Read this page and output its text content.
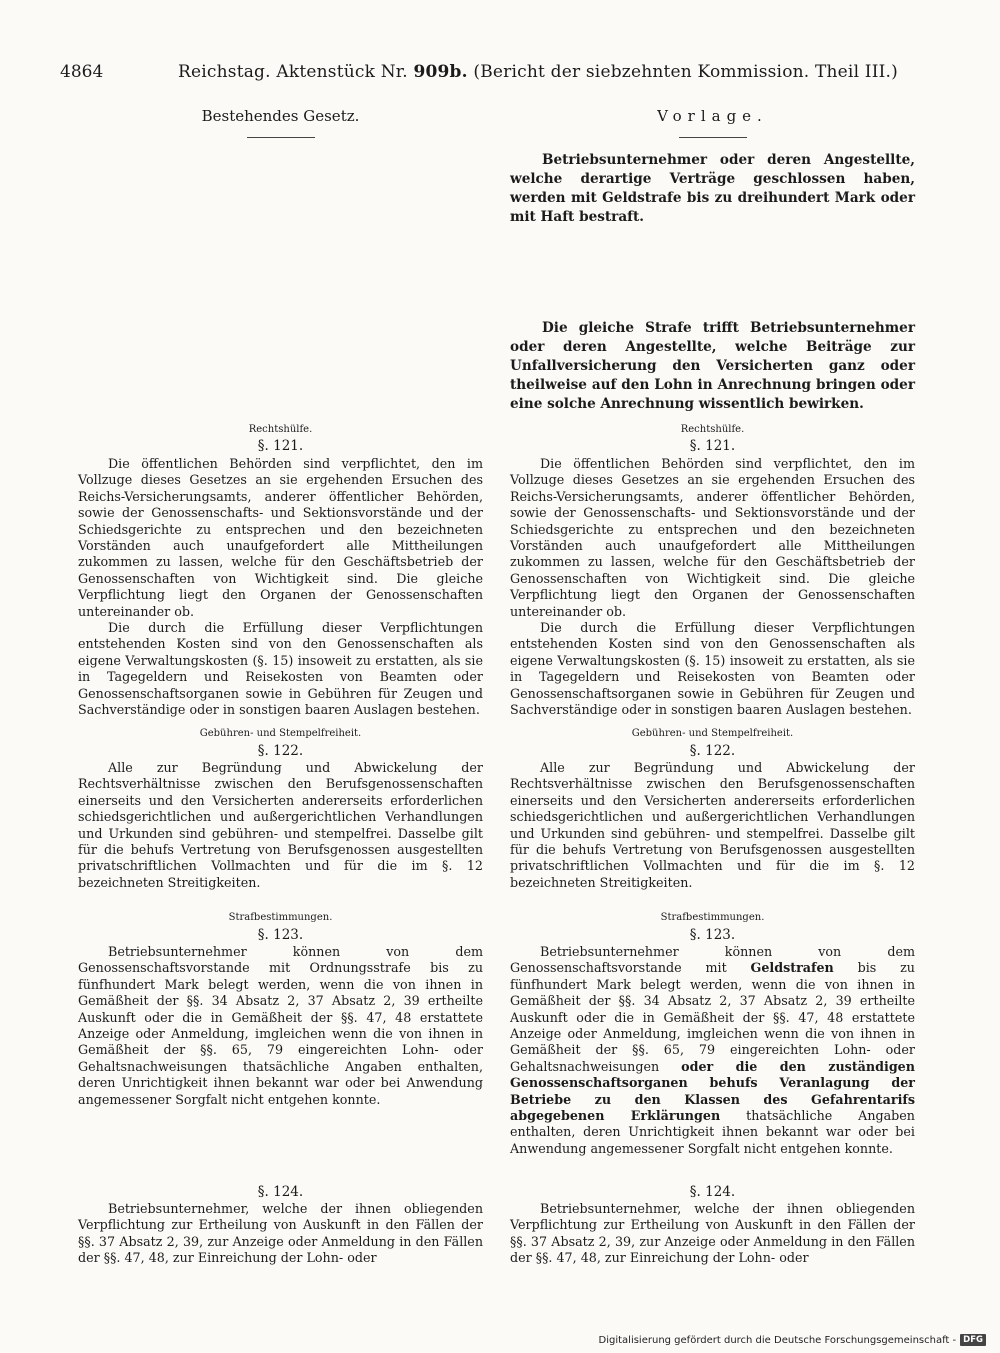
4864	Reichstag. Aktenstück Nr. 909b. (Bericht der siebzehnten Kommission. Theil III.)
Bestehendes Gesetz.
Rechtshülfe.
§. 121.

Die öffentlichen Behörden sind verpflichtet, den im Vollzuge dieses Gesetzes an sie ergehenden Ersuchen des Reichs-Versicherungsamts, anderer öffentlicher Behörden, sowie der Genossenschafts- und Sektionsvorstände und der Schiedsgerichte zu entsprechen und den bezeichneten Vorständen auch unaufgefordert alle Mittheilungen zukommen zu lassen, welche für den Geschäftsbetrieb der Genossenschaften von Wichtigkeit sind. Die gleiche Verpflichtung liegt den Organen der Genossenschaften untereinander ob.

Die durch die Erfüllung dieser Verpflichtungen entstehenden Kosten sind von den Genossenschaften als eigene Verwaltungskosten (§. 15) insoweit zu erstatten, als sie in Tagegeldern und Reisekosten von Beamten oder Genossenschaftsorganen sowie in Gebühren für Zeugen und Sachverständige oder in sonstigen baaren Auslagen bestehen.

Gebühren- und Stempelfreiheit.
§. 122.

Alle zur Begründung und Abwickelung der Rechtsverhältnisse zwischen den Berufsgenossenschaften einerseits und den Versicherten andererseits erforderlichen schiedsgerichtlichen und außergerichtlichen Verhandlungen und Urkunden sind gebühren- und stempelfrei. Dasselbe gilt für die behufs Vertretung von Berufsgenossen ausgestellten privatschriftlichen Vollmachten und für die im §. 12 bezeichneten Streitigkeiten.

Strafbestimmungen.
§. 123.

Betriebsunternehmer können von dem Genossenschaftsvorstande mit Ordnungsstrafe bis zu fünfhundert Mark belegt werden, wenn die von ihnen in Gemäßheit der §§. 34 Absatz 2, 37 Absatz 2, 39 ertheilte Auskunft oder die in Gemäßheit der §§. 47, 48 erstattete Anzeige oder Anmeldung, imgleichen wenn die von ihnen in Gemäßheit der §§. 65, 79 eingereichten Lohn- oder Gehaltsnachweisungen thatsächliche Angaben enthalten, deren Unrichtigkeit ihnen bekannt war oder bei Anwendung angemessener Sorgfalt nicht entgehen konnte.

§. 124.

Betriebsunternehmer, welche der ihnen obliegenden Verpflichtung zur Ertheilung von Auskunft in den Fällen der §§. 37 Absatz 2, 39, zur Anzeige oder Anmeldung in den Fällen der §§. 47, 48, zur Einreichung der Lohn- oder

Vorlage.
Betriebsunternehmer oder deren Angestellte, welche derartige Verträge geschlossen haben, werden mit Geldstrafe bis zu dreihundert Mark oder mit Haft bestraft.
Die gleiche Strafe trifft Betriebsunternehmer oder deren Angestellte, welche Beiträge zur Unfallversicherung den Versicherten ganz oder theilweise auf den Lohn in Anrechnung bringen oder eine solche Anrechnung wissentlich bewirken.
Rechtshülfe.
§. 121.

Die öffentlichen Behörden sind verpflichtet, den im Vollzuge dieses Gesetzes an sie ergehenden Ersuchen des Reichs-Versicherungsamts, anderer öffentlicher Behörden, sowie der Genossenschafts- und Sektionsvorstände und der Schiedsgerichte zu entsprechen und den bezeichneten Vorständen auch unaufgefordert alle Mittheilungen zukommen zu lassen, welche für den Geschäftsbetrieb der Genossenschaften von Wichtigkeit sind. Die gleiche Verpflichtung liegt den Organen der Genossenschaften untereinander ob.

Die durch die Erfüllung dieser Verpflichtungen entstehenden Kosten sind von den Genossenschaften als eigene Verwaltungskosten (§. 15) insoweit zu erstatten, als sie in Tagegeldern und Reisekosten von Beamten oder Genossenschaftsorganen sowie in Gebühren für Zeugen und Sachverständige oder in sonstigen baaren Auslagen bestehen.

Gebühren- und Stempelfreiheit.
§. 122.

Alle zur Begründung und Abwickelung der Rechtsverhältnisse zwischen den Berufsgenossenschaften einerseits und den Versicherten andererseits erforderlichen schiedsgerichtlichen und außergerichtlichen Verhandlungen und Urkunden sind gebühren- und stempelfrei. Dasselbe gilt für die behufs Vertretung von Berufsgenossen ausgestellten privatschriftlichen Vollmachten und für die im §. 12 bezeichneten Streitigkeiten.

Strafbestimmungen.
§. 123.

Betriebsunternehmer können von dem Genossenschaftsvorstande mit Geldstrafen bis zu fünfhundert Mark belegt werden, wenn die von ihnen in Gemäßheit der §§. 34 Absatz 2, 37 Absatz 2, 39 ertheilte Auskunft oder die in Gemäßheit der §§. 47, 48 erstattete Anzeige oder Anmeldung, imgleichen wenn die von ihnen in Gemäßheit der §§. 65, 79 eingereichten Lohn- oder Gehaltsnachweisungen oder die den zuständigen Genossenschaftsorganen behufs Veranlagung der Betriebe zu den Klassen des Gefahrentarifs abgegebenen Erklärungen thatsächliche Angaben enthalten, deren Unrichtigkeit ihnen bekannt war oder bei Anwendung angemessener Sorgfalt nicht entgehen konnte.

§. 124.

Betriebsunternehmer, welche der ihnen obliegenden Verpflichtung zur Ertheilung von Auskunft in den Fällen der §§. 37 Absatz 2, 39, zur Anzeige oder Anmeldung in den Fällen der §§. 47, 48, zur Einreichung der Lohn- oder

Digitalisierung gefördert durch die Deutsche Forschungsgemeinschaft - DFG
